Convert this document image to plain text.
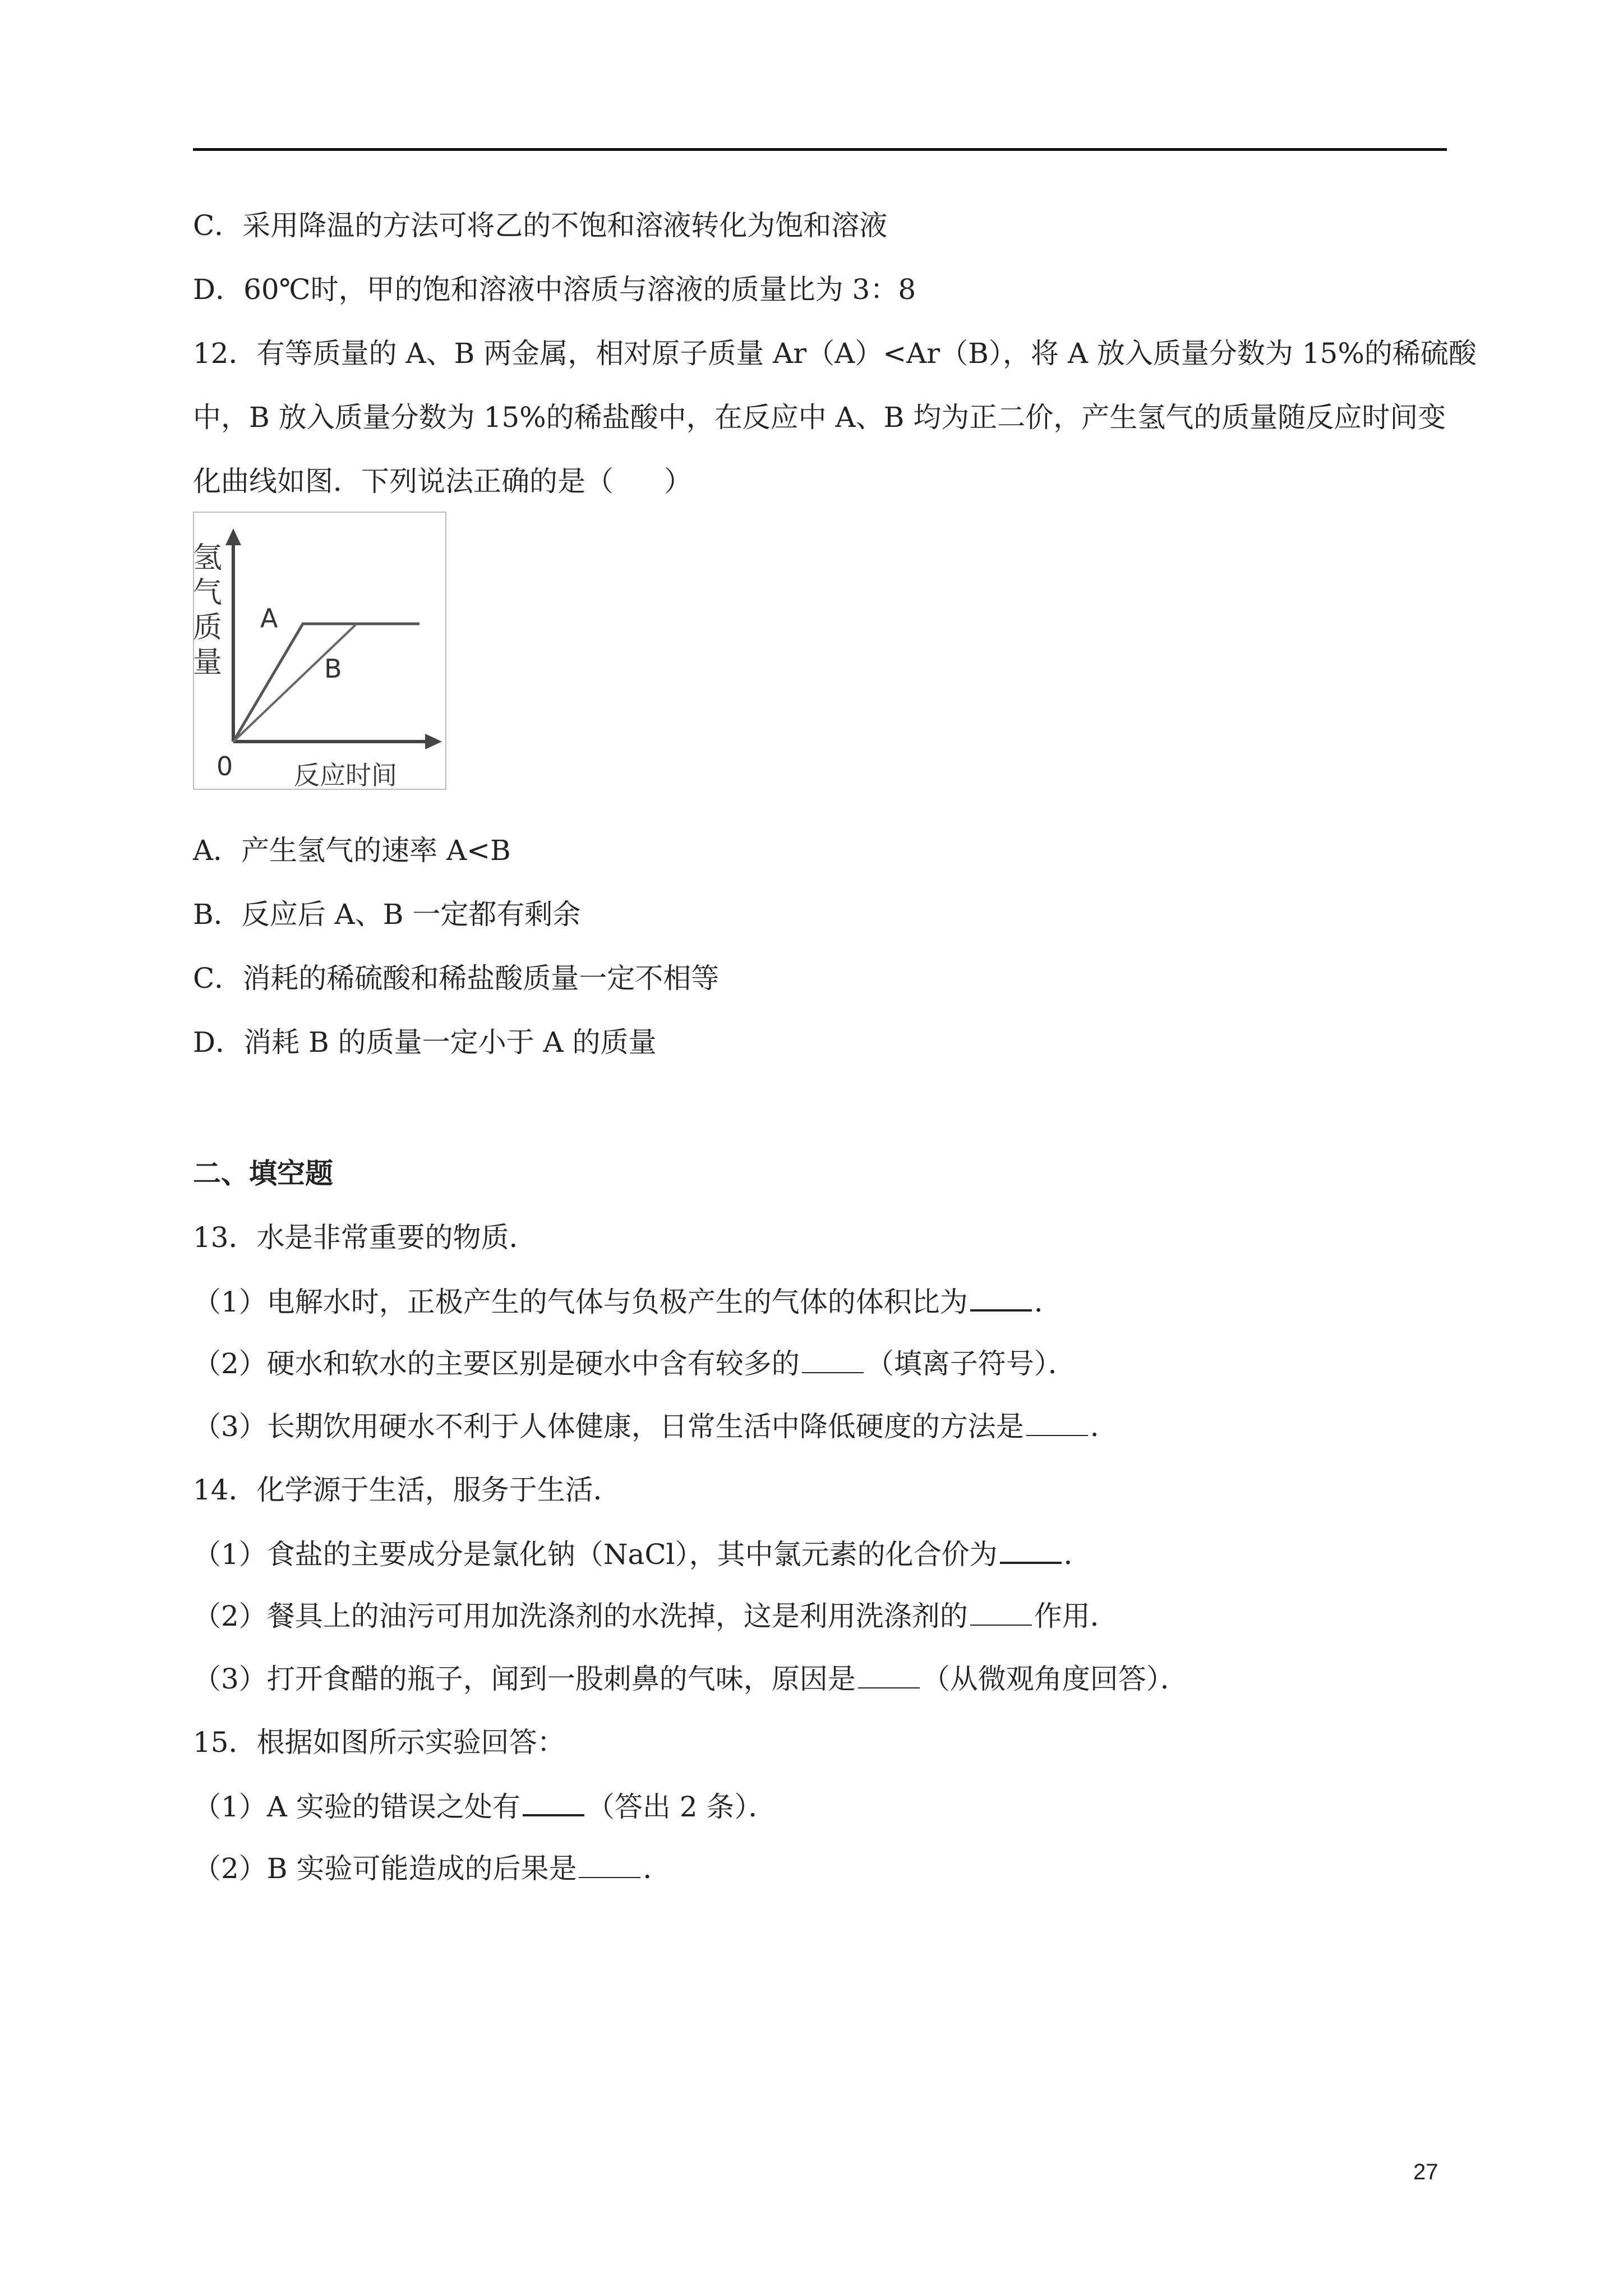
C．采用降温的方法可将乙的不饱和溶液转化为饱和溶液
D．60℃时，甲的饱和溶液中溶质与溶液的质量比为 3：8
12．有等质量的 A、B 两金属，相对原子质量 Ar（A）<Ar（B），将 A 放入质量分数为 15%的稀硫酸
中，B 放入质量分数为 15%的稀盐酸中，在反应中 A、B 均为正二价，产生氢气的质量随反应时间变
化曲线如图．下列说法正确的是（ ）
氢
气
质
量
A
B
0 反应时间
A．产生氢气的速率 A<B
B．反应后 A、B 一定都有剩余
C．消耗的稀硫酸和稀盐酸质量一定不相等
D．消耗 B 的质量一定小于 A 的质量
二、填空题
13．水是非常重要的物质．
（1）电解水时，正极产生的气体与负极产生的气体的体积比为 ．
（2）硬水和软水的主要区别是硬水中含有较多的 （填离子符号）．
（3）长期饮用硬水不利于人体健康，日常生活中降低硬度的方法是 ．
14．化学源于生活，服务于生活．
（1）食盐的主要成分是氯化钠（NaCl），其中氯元素的化合价为 ．
（2）餐具上的油污可用加洗涤剂的水洗掉，这是利用洗涤剂的 作用．
（3）打开食醋的瓶子，闻到一股刺鼻的气味，原因是 （从微观角度回答）．
15．根据如图所示实验回答：
（1）A 实验的错误之处有 （答出 2 条）．
（2）B 实验可能造成的后果是 ．
27
